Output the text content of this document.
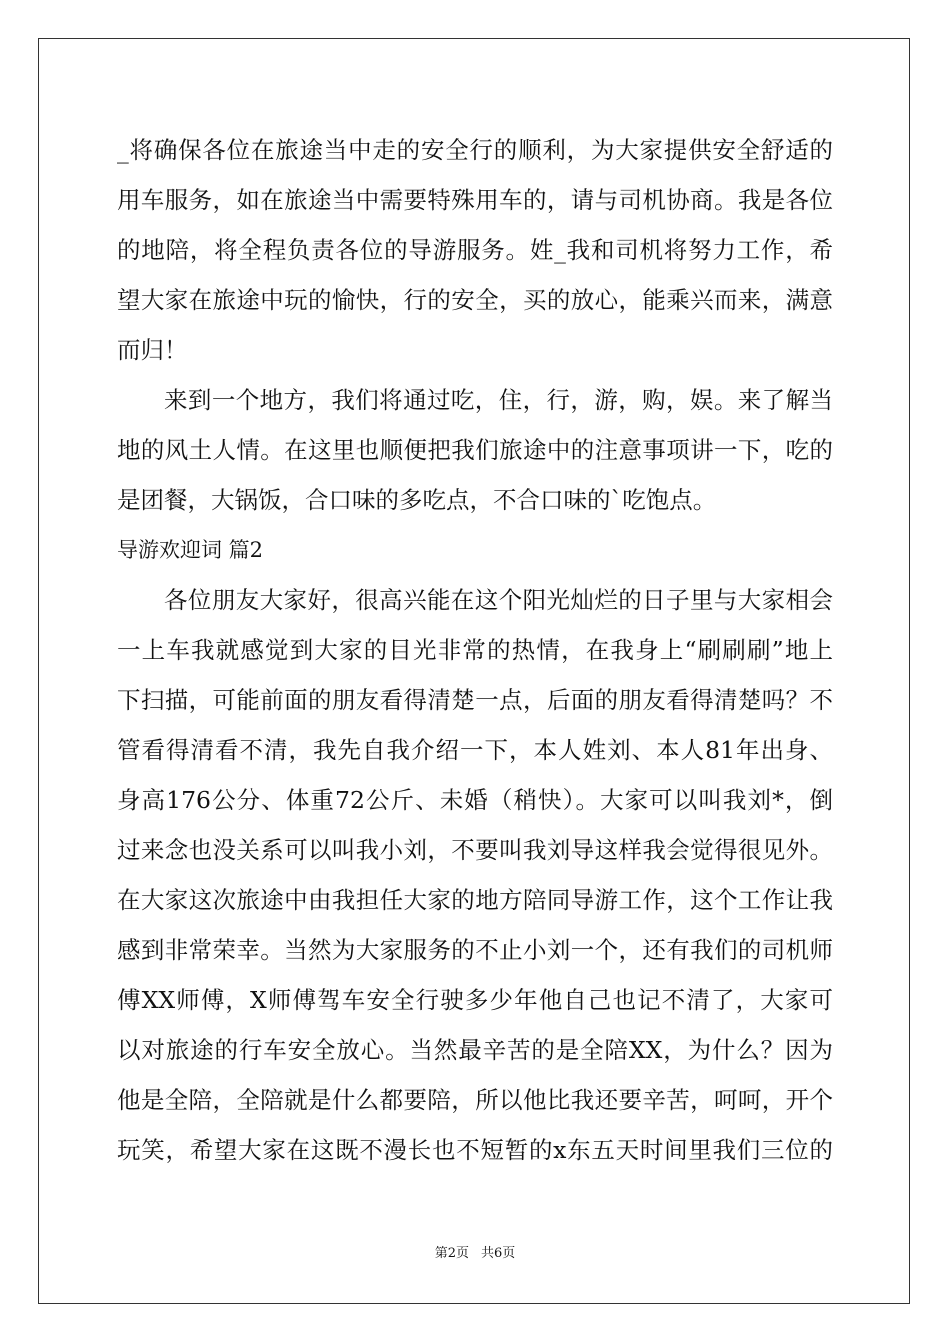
_将确保各位在旅途当中走的安全行的顺利，为大家提供安全舒适的
用车服务，如在旅途当中需要特殊用车的，请与司机协商。我是各位
的地陪，将全程负责各位的导游服务。姓_我和司机将努力工作，希
望大家在旅途中玩的愉快，行的安全，买的放心，能乘兴而来，满意
而归！
来到一个地方，我们将通过吃，住，行，游，购，娱。来了解当
地的风土人情。在这里也顺便把我们旅途中的注意事项讲一下，吃的
是团餐，大锅饭，合口味的多吃点，不合口味的`吃饱点。
导游欢迎词 篇2
各位朋友大家好，很高兴能在这个阳光灿烂的日子里与大家相会
一上车我就感觉到大家的目光非常的热情，在我身上“刷刷刷”地上
下扫描，可能前面的朋友看得清楚一点，后面的朋友看得清楚吗？不
管看得清看不清，我先自我介绍一下，本人姓刘、本人81年出身、
身高176公分、体重72公斤、未婚（稍快）。大家可以叫我刘*，倒
过来念也没关系可以叫我小刘，不要叫我刘导这样我会觉得很见外。
在大家这次旅途中由我担任大家的地方陪同导游工作，这个工作让我
感到非常荣幸。当然为大家服务的不止小刘一个，还有我们的司机师
傅XX师傅，X师傅驾车安全行驶多少年他自己也记不清了，大家可
以对旅途的行车安全放心。当然最辛苦的是全陪XX，为什么？因为
他是全陪，全陪就是什么都要陪，所以他比我还要辛苦，呵呵，开个
玩笑，希望大家在这既不漫长也不短暂的x东五天时间里我们三位的
第2页 共6页
